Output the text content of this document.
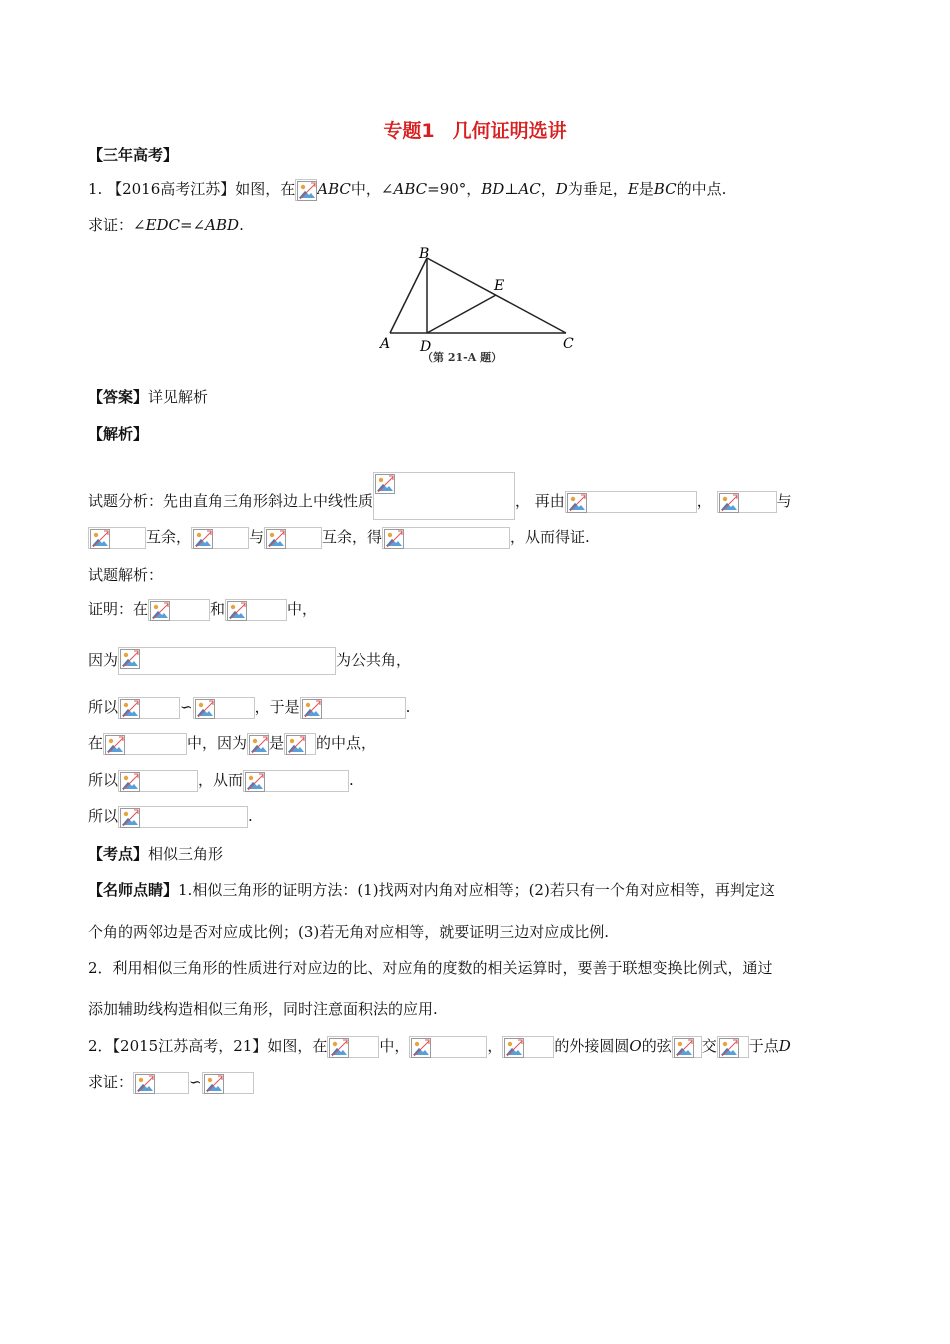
专题1 几何证明选讲
【三年高考】
1. 【2016高考江苏】如图，在 ABC中，∠ABC=90°，BD⊥AC，D为垂足，E是BC的中点.
求证：∠EDC=∠ABD.
B
A D	C
E
（第 21-A 题）
【答案】详见解析
【解析】
试题分析：先由直角三角形斜边上中线性质	， 再由	，	与
互余，	与	互余，得	，从而得证.
试题解析：
证明：在	和	中，
因为	为公共角，
所以	∽	，于是	.
在	中，因为 是 的中点，
所以	，从而	.
所以	.
【考点】相似三角形
【名师点睛】1.相似三角形的证明方法：(1)找两对内角对应相等；(2)若只有一个角对应相等，再判定这
个角的两邻边是否对应成比例；(3)若无角对应相等，就要证明三边对应成比例.
2．利用相似三角形的性质进行对应边的比、对应角的度数的相关运算时，要善于联想变换比例式，通过
添加辅助线构造相似三角形，同时注意面积法的应用.
2．【2015江苏高考，21】如图，在	中，	，	的外接圆圆O的弦 交 于点D
求证：	∽
